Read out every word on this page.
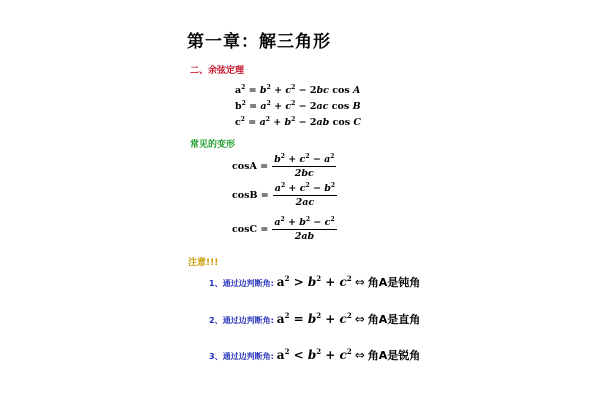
第一章：解三角形
二、余弦定理
$a^2 = b^2 + c^2 - 2bc$ cos A
$b^2 = a^2 + c^2 - 2ac$ cos B
$c^2 = a^2 + b^2 - 2ab$ cos C
常见的变形
$\cos A = \frac{b^2 + c^2 - a^2}{2bc}$
$\cos B = \frac{a^2 + c^2 - b^2}{2ac}$
$\cos C = \frac{a^2 + b^2 - c^2}{2ab}$
注意!!!
1、通过边判断角: $a^2 > b^2 + c^2$ ⇔ 角A是钝角
2、通过边判断角: $a^2 = b^2 + c^2$ ⇔ 角A是直角
3、通过边判断角: $a^2 < b^2 + c^2$ ⇔ 角A是锐角
